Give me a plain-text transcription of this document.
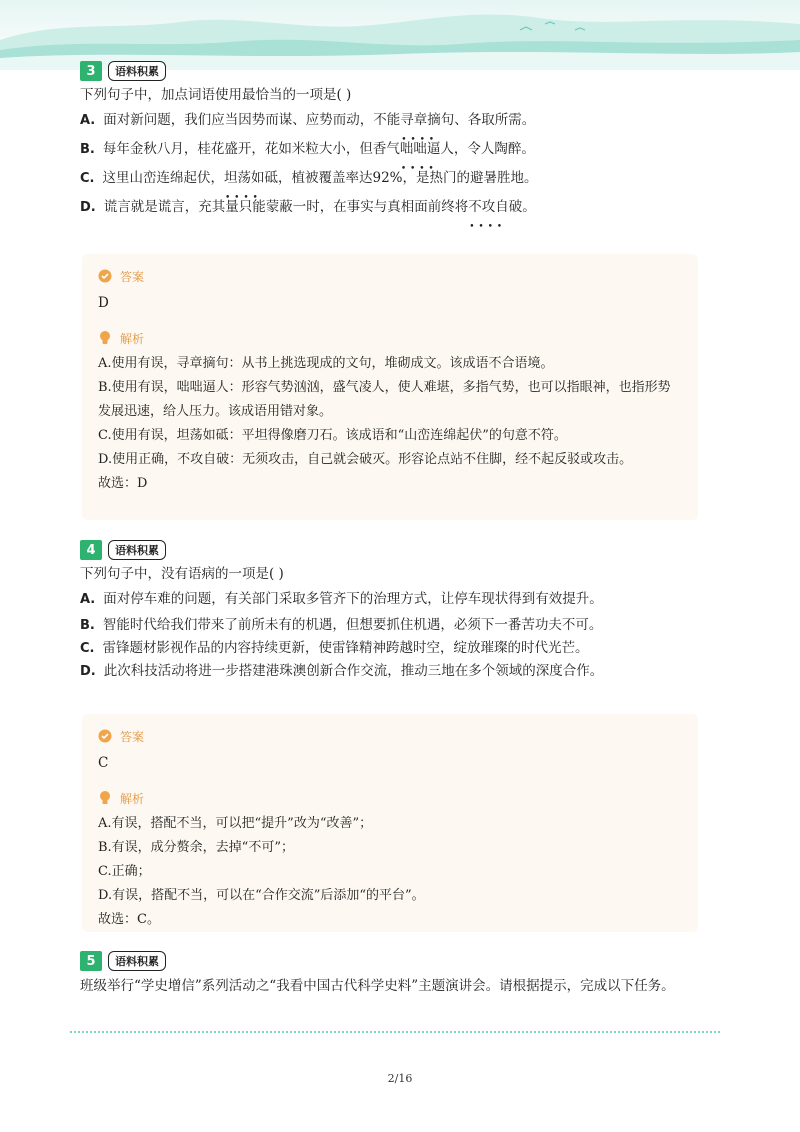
3	语料积累
下列句子中，加点词语使用最恰当的一项是( )
A. 面对新问题，我们应当因势而谋、应势而动，不能寻章摘句 • • • •、各取所需。
B. 每年金秋八月，桂花盛开，花如米粒大小，但香气咄咄逼人 • • • •，令人陶醉。
C. 这里山峦连绵起伏，坦荡如砥 • • • •，植被覆盖率达92%，是热门的避暑胜地。
D. 谎言就是谎言，充其量只能蒙蔽一时，在事实与真相面前终将不攻自破 • • • •。
答案
D
解析
A.使用有误，寻章摘句：从书上挑选现成的文句，堆砌成文。该成语不合语境。
B.使用有误，咄咄逼人：形容气势汹汹，盛气凌人，使人难堪，多指气势，也可以指眼神，也指形势发展迅速，给人压力。该成语用错对象。
C.使用有误，坦荡如砥：平坦得像磨刀石。该成语和“山峦连绵起伏”的句意不符。
D.使用正确，不攻自破：无须攻击，自己就会破灭。形容论点站不住脚，经不起反驳或攻击。
故选：D
4	语料积累
下列句子中，没有语病的一项是( )
A. 面对停车难的问题，有关部门采取多管齐下的治理方式，让停车现状得到有效提升。
B. 智能时代给我们带来了前所未有的机遇，但想要抓住机遇，必须下一番苦功夫不可。
C. 雷锋题材影视作品的内容持续更新，使雷锋精神跨越时空，绽放璀璨的时代光芒。
D. 此次科技活动将进一步搭建港珠澳创新合作交流，推动三地在多个领域的深度合作。
答案
C
解析
A.有误，搭配不当，可以把“提升”改为“改善”；
B.有误，成分赘余，去掉“不可”；
C.正确；
D.有误，搭配不当，可以在“合作交流”后添加“的平台”。
故选：C。
5	语料积累
班级举行“学史增信”系列活动之“我看中国古代科学史料”主题演讲会。请根据提示，完成以下任务。
2/16
